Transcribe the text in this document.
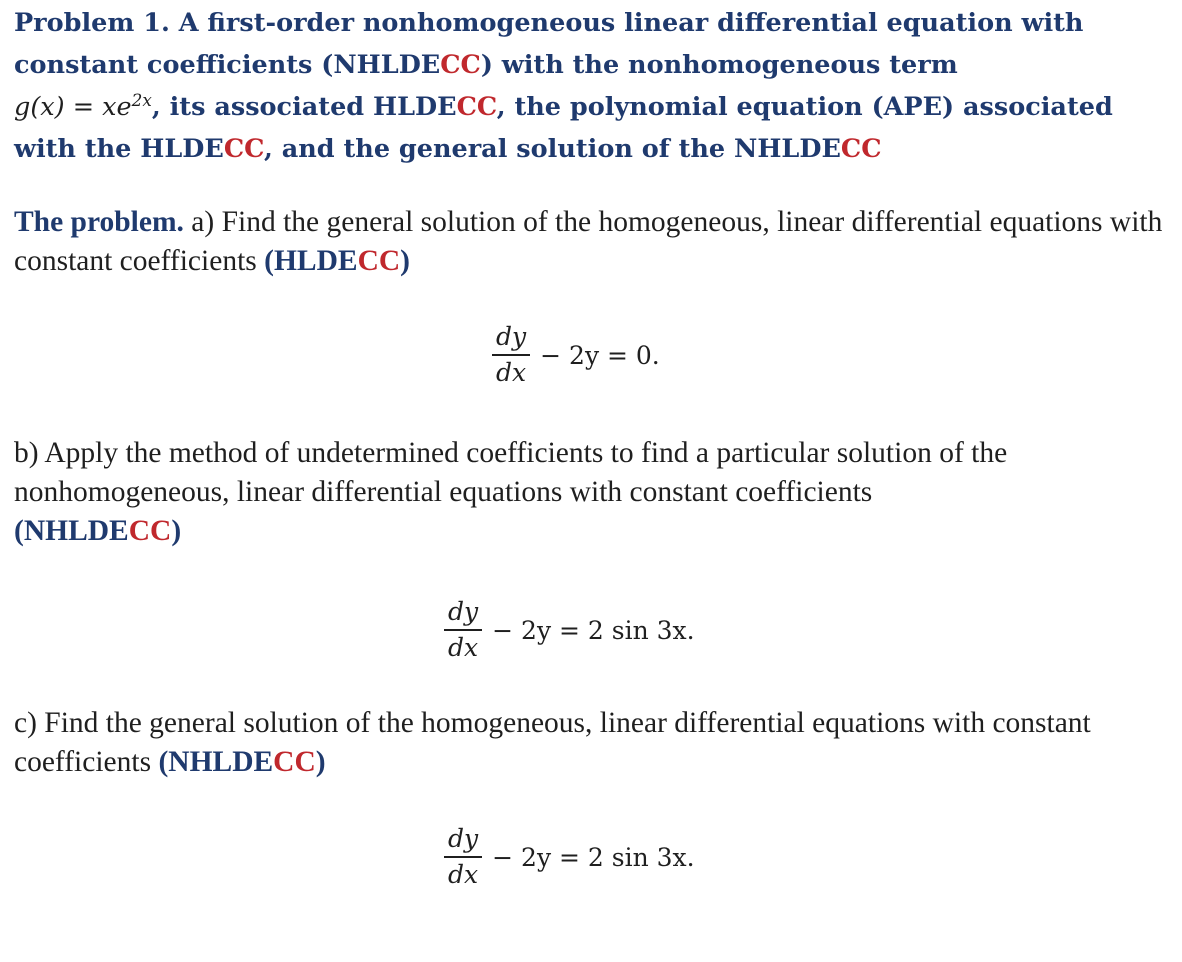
Problem 1. A first-order nonhomogeneous linear differential equation with constant coefficients (NHLDECC) with the nonhomogeneous term
$g(x) = xe^{2x}$, its associated HLDECC, the polynomial equation (APE) associated with the HLDECC, and the general solution of the NHLDECC
The problem. a) Find the general solution of the homogeneous, linear differential equations with constant coefficients (HLDECC)
$\frac{dy}{dx} - 2y = 0$.
b) Apply the method of undetermined coefficients to find a particular solution of the nonhomogeneous, linear differential equations with constant coefficients
(NHLDECC)
$\frac{dy}{dx} - 2y = 2$ sin 3x.
c) Find the general solution of the homogeneous, linear differential equations with constant coefficients (NHLDECC)
$\frac{dy}{dx} - 2y = 2$ sin 3x.
